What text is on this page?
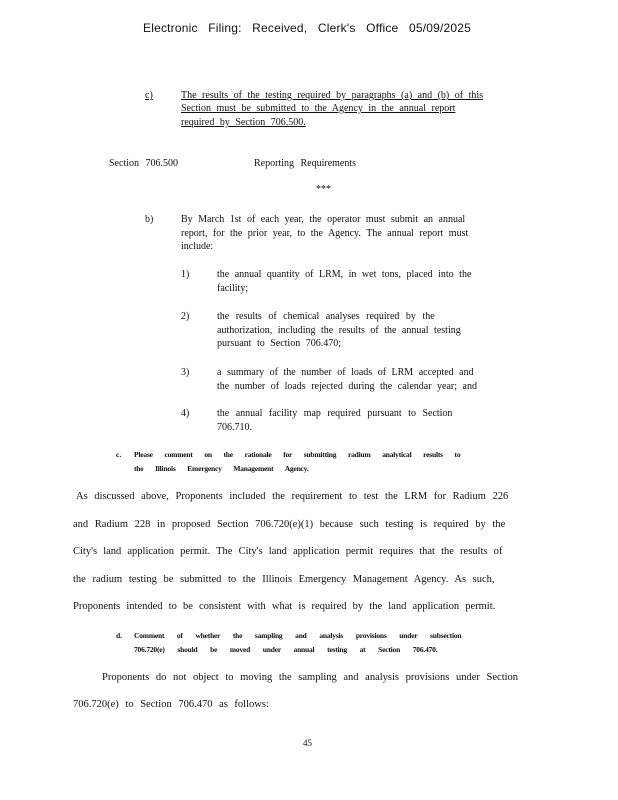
Electronic Filing: Received, Clerk's Office 05/09/2025
c)	The results of the testing required by paragraphs (a) and (b) of this
Section must be submitted to the Agency in the annual report
required by Section 706.500.
Section 706.500	Reporting Requirements
***
b)	By March 1st of each year, the operator must submit an annual
report, for the prior year, to the Agency. The annual report must
include:
1)	the annual quantity of LRM, in wet tons, placed into the
facility;
2)	the results of chemical analyses required by the
authorization, including the results of the annual testing
pursuant to Section 706.470;
3)	a summary of the number of loads of LRM accepted and
the number of loads rejected during the calendar year; and
4)	the annual facility map required pursuant to Section
706.710.
c. Please comment on the rationale for submitting radium analytical results to
the Illinois Emergency Management Agency.
As discussed above, Proponents included the requirement to test the LRM for Radium 226
and Radium 228 in proposed Section 706.720(e)(1) because such testing is required by the
City's land application permit. The City's land application permit requires that the results of
the radium testing be submitted to the Illinois Emergency Management Agency. As such,
Proponents intended to be consistent with what is required by the land application permit.
d. Comment of whether the sampling and analysis provisions under subsection
706.720(e) should be moved under annual testing at Section 706.470.
Proponents do not object to moving the sampling and analysis provisions under Section
706.720(e) to Section 706.470 as follows:
45
